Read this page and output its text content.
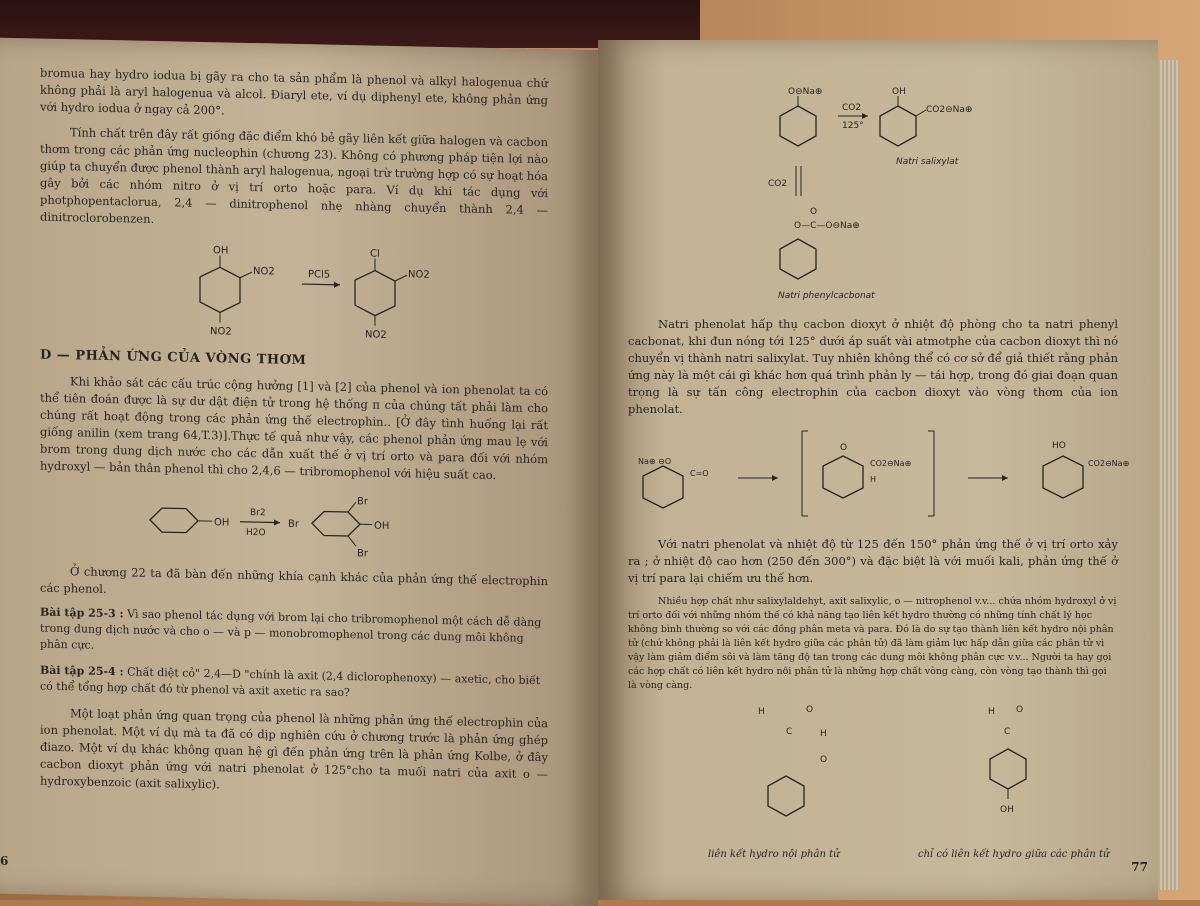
bromua hay hydro iodua bị gãy ra cho ta sản phẩm là phenol và alkyl halogenua chứ không phải là aryl halogenua và alcol. Điaryl ete, ví dụ diphenyl ete, không phản ứng với hydro iodua ở ngay cả 200°.

Tính chất trên đây rất giống đặc điểm khó bẻ gãy liên kết giữa halogen và cacbon thơm trong các phản ứng nucleophin (chương 23). Không có phương pháp tiện lợi nào giúp ta chuyển được phenol thành aryl halogenua, ngoại trừ trường hợp có sự hoạt hóa gây bởi các nhóm nitro ở vị trí orto hoặc para. Ví dụ khi tác dụng với photphopentaclorua, 2,4 — dinitrophenol nhẹ nhàng chuyển thành 2,4 — dinitroclorobenzen.

OH
NO2
NO2
PCl5
Cl
NO2
NO2
D — PHẢN ỨNG CỦA VÒNG THƠM

Khi khảo sát các cấu trúc cộng hưởng [1] và [2] của phenol và ion phenolat ta có thể tiên đoán được là sự dư dật điện tử trong hệ thống π của chúng tất phải làm cho chúng rất hoạt động trong các phản ứng thế electrophin.. [Ở đây tình huống lại rất giống anilin (xem trang 64,T.3)].Thực tế quả như vậy, các phenol phản ứng mau lẹ với brom trong dung dịch nước cho các dẫn xuất thế ở vị trí orto và para đối với nhóm hydroxyl — bản thân phenol thì cho 2,4,6 — tribromophenol với hiệu suất cao.

OH
Br2
H2O
Br	OH
Br
Br

Ở chương 22 ta đã bàn đến những khía cạnh khác của phản ứng thế electrophin các phenol.

Bài tập 25-3 : Vì sao phenol tác dụng với brom lại cho tribromophenol một cách dễ dàng trong dung dịch nước và cho o — và p — monobromophenol trong các dung môi không phân cực.

Bài tập 25-4 : Chất diệt cỏ" 2,4—D "chính là axit (2,4 diclorophenoxy) — axetic, cho biết có thể tổng hợp chất đó từ phenol và axit axetic ra sao?

Một loạt phản ứng quan trọng của phenol là những phản ứng thế electrophin của ion phenolat. Một ví dụ mà ta đã có dịp nghiên cứu ở chương trước là phản ứng ghép điazo. Một ví dụ khác không quan hệ gì đến phản ứng trên là phản ứng Kolbe, ở đây cacbon dioxyt phản ứng với natri phenolat ở 125°cho ta muối natri của axit o — hydroxybenzoic (axit salixylic).

6
O⊖Na⊕
CO2
125°
OH
CO2⊖Na⊕
Natri salixylat
CO2
O
O—C—O⊖Na⊕
Natri phenylcacbonat

Natri phenolat hấp thụ cacbon dioxyt ở nhiệt độ phòng cho ta natri phenyl cacbonat, khi đun nóng tới 125° dưới áp suất vài atmotphe của cacbon dioxyt thì nó chuyển vị thành natri salixylat. Tuy nhiên không thể có cơ sở để giả thiết rằng phản ứng này là một cái gì khác hơn quá trình phản ly — tái hợp, trong đó giai đoạn quan trọng là sự tấn công electrophin của cacbon dioxyt vào vòng thơm của ion phenolat.

Na⊕ ⊖O
C=O
O
CO2⊖Na⊕
H
HO
CO2⊖Na⊕

Với natri phenolat và nhiệt độ từ 125 đến 150° phản ứng thế ở vị trí orto xảy ra ; ở nhiệt độ cao hơn (250 đến 300°) và đặc biệt là với muối kali, phản ứng thế ở vị trí para lại chiếm ưu thế hơn.

Nhiều hợp chất như salixylaldehyt, axit salixylic, o — nitrophenol v.v... chứa nhóm hydroxyl ở vị trí orto đối với những nhóm thế có khả năng tạo liên kết hydro thường có những tính chất lý học không bình thường so với các đồng phân meta và para. Đó là do sự tạo thành liên kết hydro nội phân tử (chứ không phải là liên kết hydro giữa các phân tử) đã làm giảm lực hấp dẫn giữa các phân tử vì vậy làm giảm điểm sôi và làm tăng độ tan trong các dung môi không phân cực v.v... Người ta hay gọi các hợp chất có liên kết hydro nội phân tử là những hợp chất vòng càng, còn vòng tạo thành thì gọi là vòng càng.

H
C
O
H
O
H O
C
OH
liên kết hydro nội phân tử	chỉ có liên kết hydro giữa các phân tử
77
